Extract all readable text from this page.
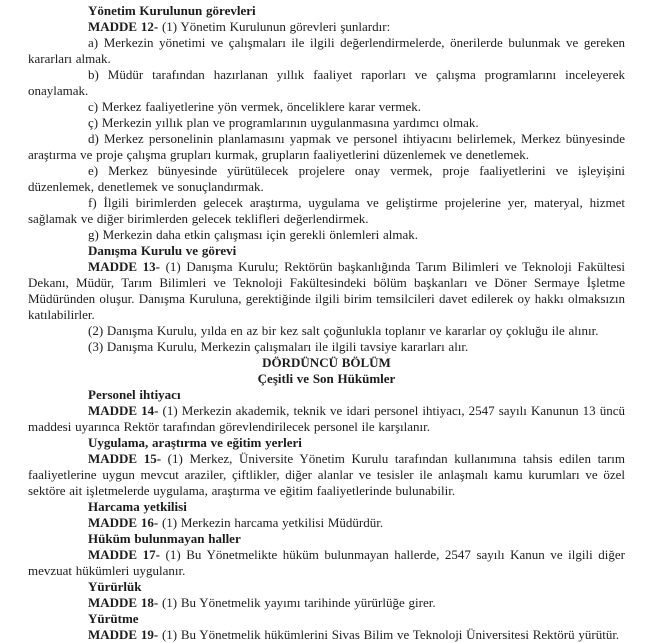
Yönetim Kurulunun görevleri

MADDE 12- (1) Yönetim Kurulunun görevleri şunlardır:

a) Merkezin yönetimi ve çalışmaları ile ilgili değerlendirmelerde, önerilerde bulunmak ve gereken kararları almak.

b) Müdür tarafından hazırlanan yıllık faaliyet raporları ve çalışma programlarını inceleyerek onaylamak.

c) Merkez faaliyetlerine yön vermek, önceliklere karar vermek.

ç) Merkezin yıllık plan ve programlarının uygulanmasına yardımcı olmak.

d) Merkez personelinin planlamasını yapmak ve personel ihtiyacını belirlemek, Merkez bünyesinde araştırma ve proje çalışma grupları kurmak, grupların faaliyetlerini düzenlemek ve denetlemek.

e) Merkez bünyesinde yürütülecek projelere onay vermek, proje faaliyetlerini ve işleyişini düzenlemek, denetlemek ve sonuçlandırmak.

f) İlgili birimlerden gelecek araştırma, uygulama ve geliştirme projelerine yer, materyal, hizmet sağlamak ve diğer birimlerden gelecek teklifleri değerlendirmek.

g) Merkezin daha etkin çalışması için gerekli önlemleri almak.

Danışma Kurulu ve görevi

MADDE 13- (1) Danışma Kurulu; Rektörün başkanlığında Tarım Bilimleri ve Teknoloji Fakültesi Dekanı, Müdür, Tarım Bilimleri ve Teknoloji Fakültesindeki bölüm başkanları ve Döner Sermaye İşletme Müdüründen oluşur. Danışma Kuruluna, gerektiğinde ilgili birim temsilcileri davet edilerek oy hakkı olmaksızın katılabilirler.

(2) Danışma Kurulu, yılda en az bir kez salt çoğunlukla toplanır ve kararlar oy çokluğu ile alınır.

(3) Danışma Kurulu, Merkezin çalışmaları ile ilgili tavsiye kararları alır.

DÖRDÜNCÜ BÖLÜM

Çeşitli ve Son Hükümler

Personel ihtiyacı

MADDE 14- (1) Merkezin akademik, teknik ve idari personel ihtiyacı, 2547 sayılı Kanunun 13 üncü maddesi uyarınca Rektör tarafından görevlendirilecek personel ile karşılanır.

Uygulama, araştırma ve eğitim yerleri

MADDE 15- (1) Merkez, Üniversite Yönetim Kurulu tarafından kullanımına tahsis edilen tarım faaliyetlerine uygun mevcut araziler, çiftlikler, diğer alanlar ve tesisler ile anlaşmalı kamu kurumları ve özel sektöre ait işletmelerde uygulama, araştırma ve eğitim faaliyetlerinde bulunabilir.

Harcama yetkilisi

MADDE 16- (1) Merkezin harcama yetkilisi Müdürdür.

Hüküm bulunmayan haller

MADDE 17- (1) Bu Yönetmelikte hüküm bulunmayan hallerde, 2547 sayılı Kanun ve ilgili diğer mevzuat hükümleri uygulanır.

Yürürlük

MADDE 18- (1) Bu Yönetmelik yayımı tarihinde yürürlüğe girer.

Yürütme

MADDE 19- (1) Bu Yönetmelik hükümlerini Sivas Bilim ve Teknoloji Üniversitesi Rektörü yürütür.
